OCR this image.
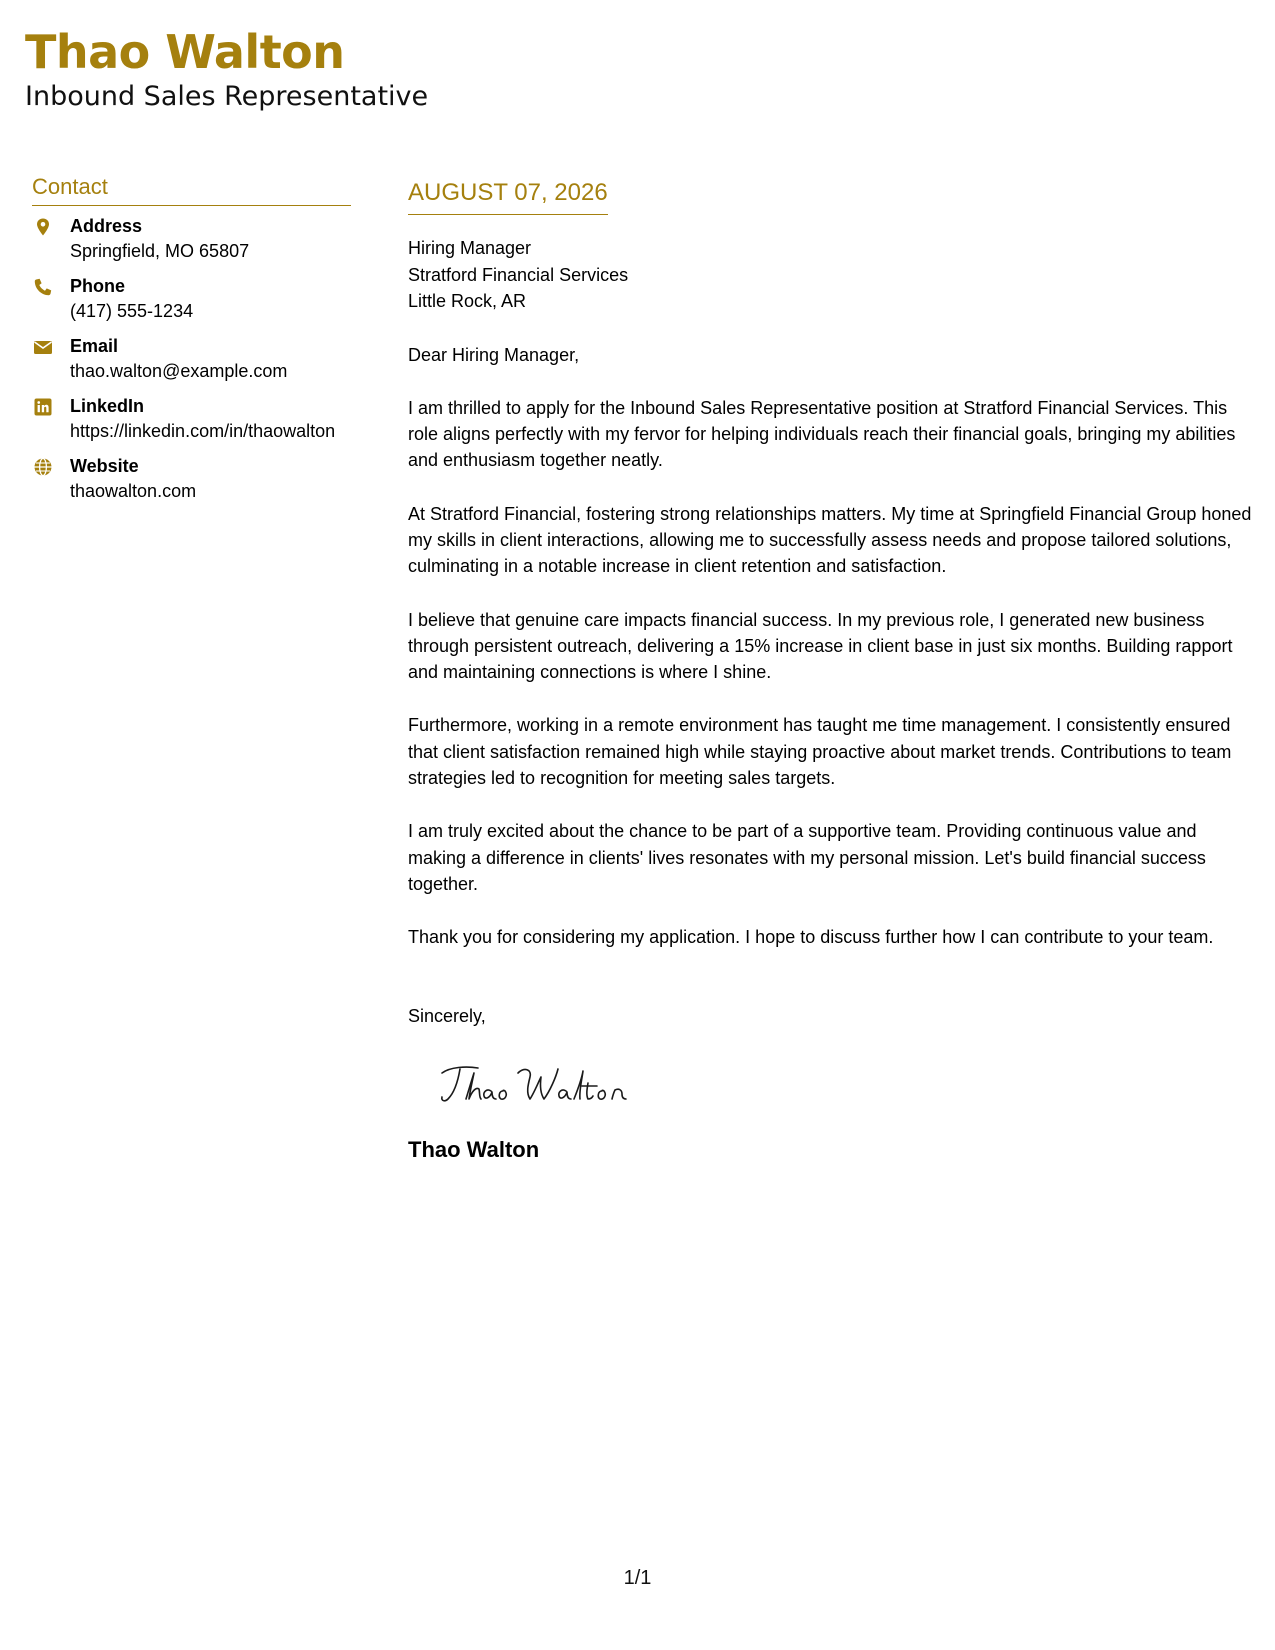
Thao Walton
Inbound Sales Representative
Contact
Address
Springfield, MO 65807
Phone
(417) 555-1234
Email
thao.walton@example.com
LinkedIn
https://linkedin.com/in/thaowalton
Website
thaowalton.com
AUGUST 07, 2026
Hiring Manager
Stratford Financial Services
Little Rock, AR
Dear Hiring Manager,
I am thrilled to apply for the Inbound Sales Representative position at Stratford Financial Services. This role aligns perfectly with my fervor for helping individuals reach their financial goals, bringing my abilities and enthusiasm together neatly.
At Stratford Financial, fostering strong relationships matters. My time at Springfield Financial Group honed my skills in client interactions, allowing me to successfully assess needs and propose tailored solutions, culminating in a notable increase in client retention and satisfaction.
I believe that genuine care impacts financial success. In my previous role, I generated new business through persistent outreach, delivering a 15% increase in client base in just six months. Building rapport and maintaining connections is where I shine.
Furthermore, working in a remote environment has taught me time management. I consistently ensured that client satisfaction remained high while staying proactive about market trends. Contributions to team strategies led to recognition for meeting sales targets.
I am truly excited about the chance to be part of a supportive team. Providing continuous value and making a difference in clients' lives resonates with my personal mission. Let's build financial success together.
Thank you for considering my application. I hope to discuss further how I can contribute to your team.
Sincerely,
Thao Walton
1/1
